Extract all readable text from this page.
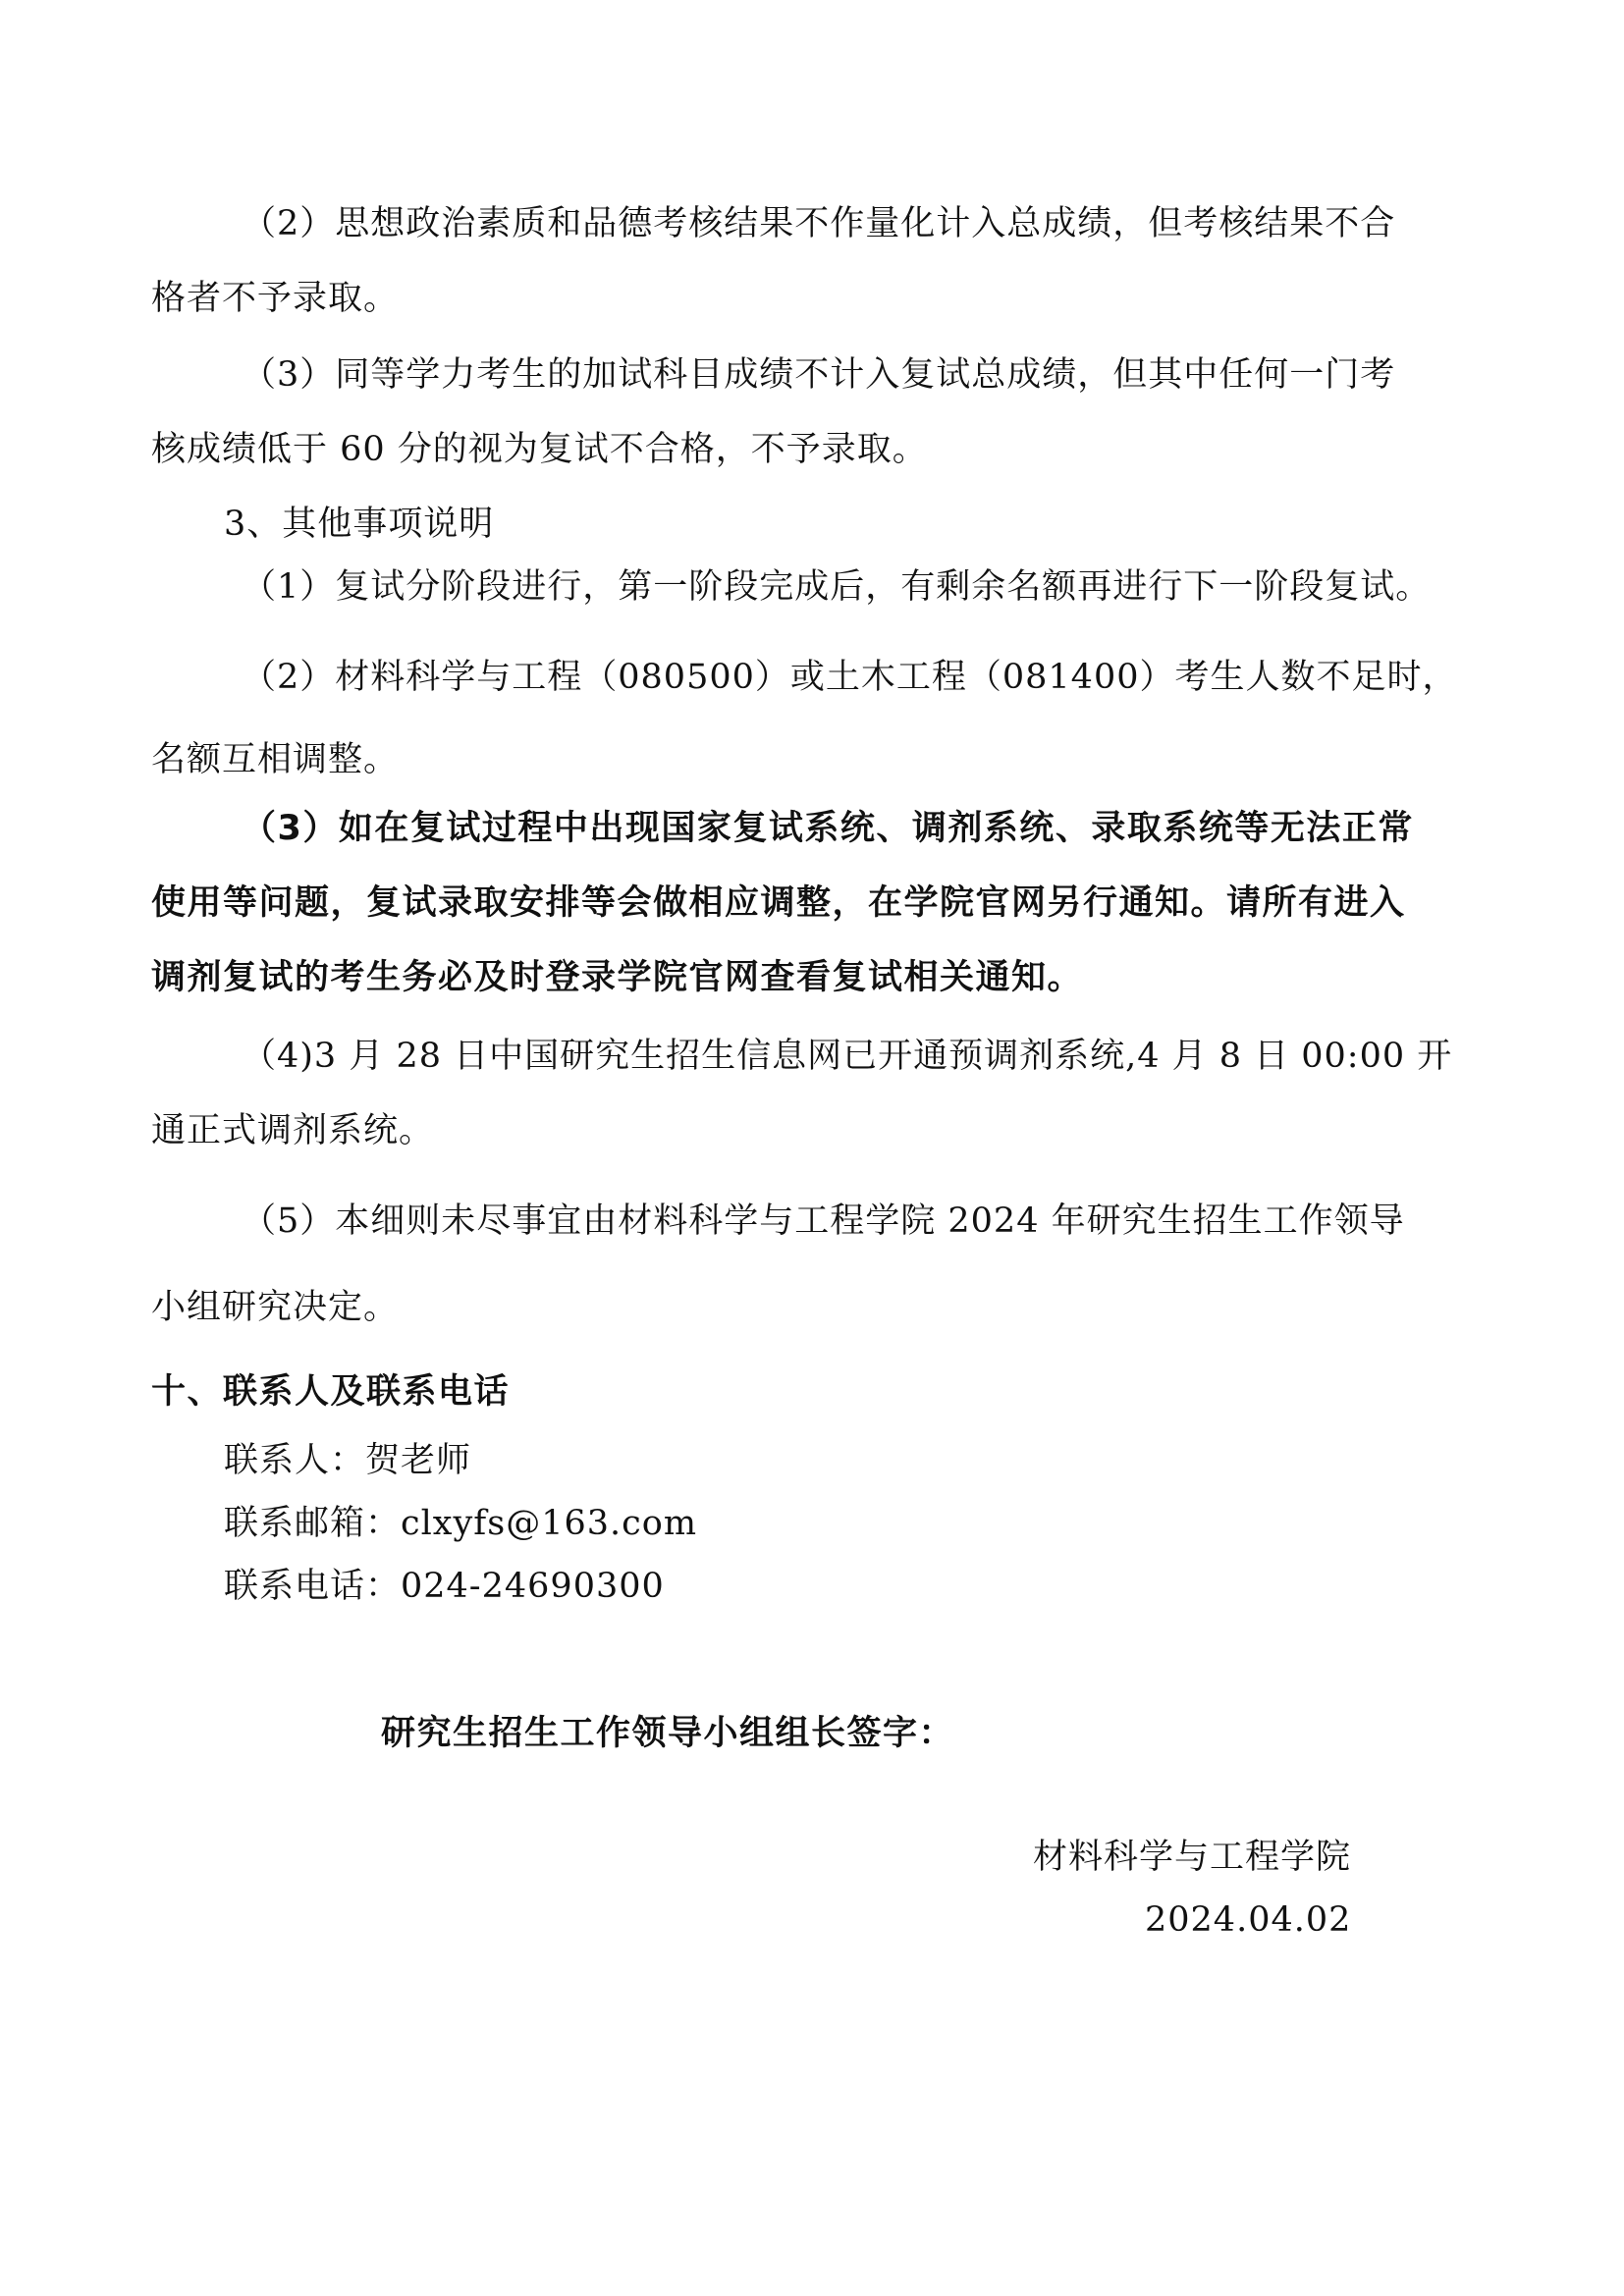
（2）思想政治素质和品德考核结果不作量化计入总成绩，但考核结果不合
格者不予录取。
（3）同等学力考生的加试科目成绩不计入复试总成绩，但其中任何一门考
核成绩低于 60 分的视为复试不合格，不予录取。
3、其他事项说明
（1）复试分阶段进行，第一阶段完成后，有剩余名额再进行下一阶段复试。
（2）材料科学与工程（080500）或土木工程（081400）考生人数不足时，
名额互相调整。
（3）如在复试过程中出现国家复试系统、调剂系统、录取系统等无法正常
使用等问题，复试录取安排等会做相应调整，在学院官网另行通知。请所有进入
调剂复试的考生务必及时登录学院官网查看复试相关通知。
（4)3 月 28 日中国研究生招生信息网已开通预调剂系统,4 月 8 日 00:00 开
通正式调剂系统。
（5）本细则未尽事宜由材料科学与工程学院 2024 年研究生招生工作领导
小组研究决定。
十、联系人及联系电话
联系人：贺老师
联系邮箱：clxyfs@163.com
联系电话：024-24690300
研究生招生工作领导小组组长签字：
材料科学与工程学院
2024.04.02
